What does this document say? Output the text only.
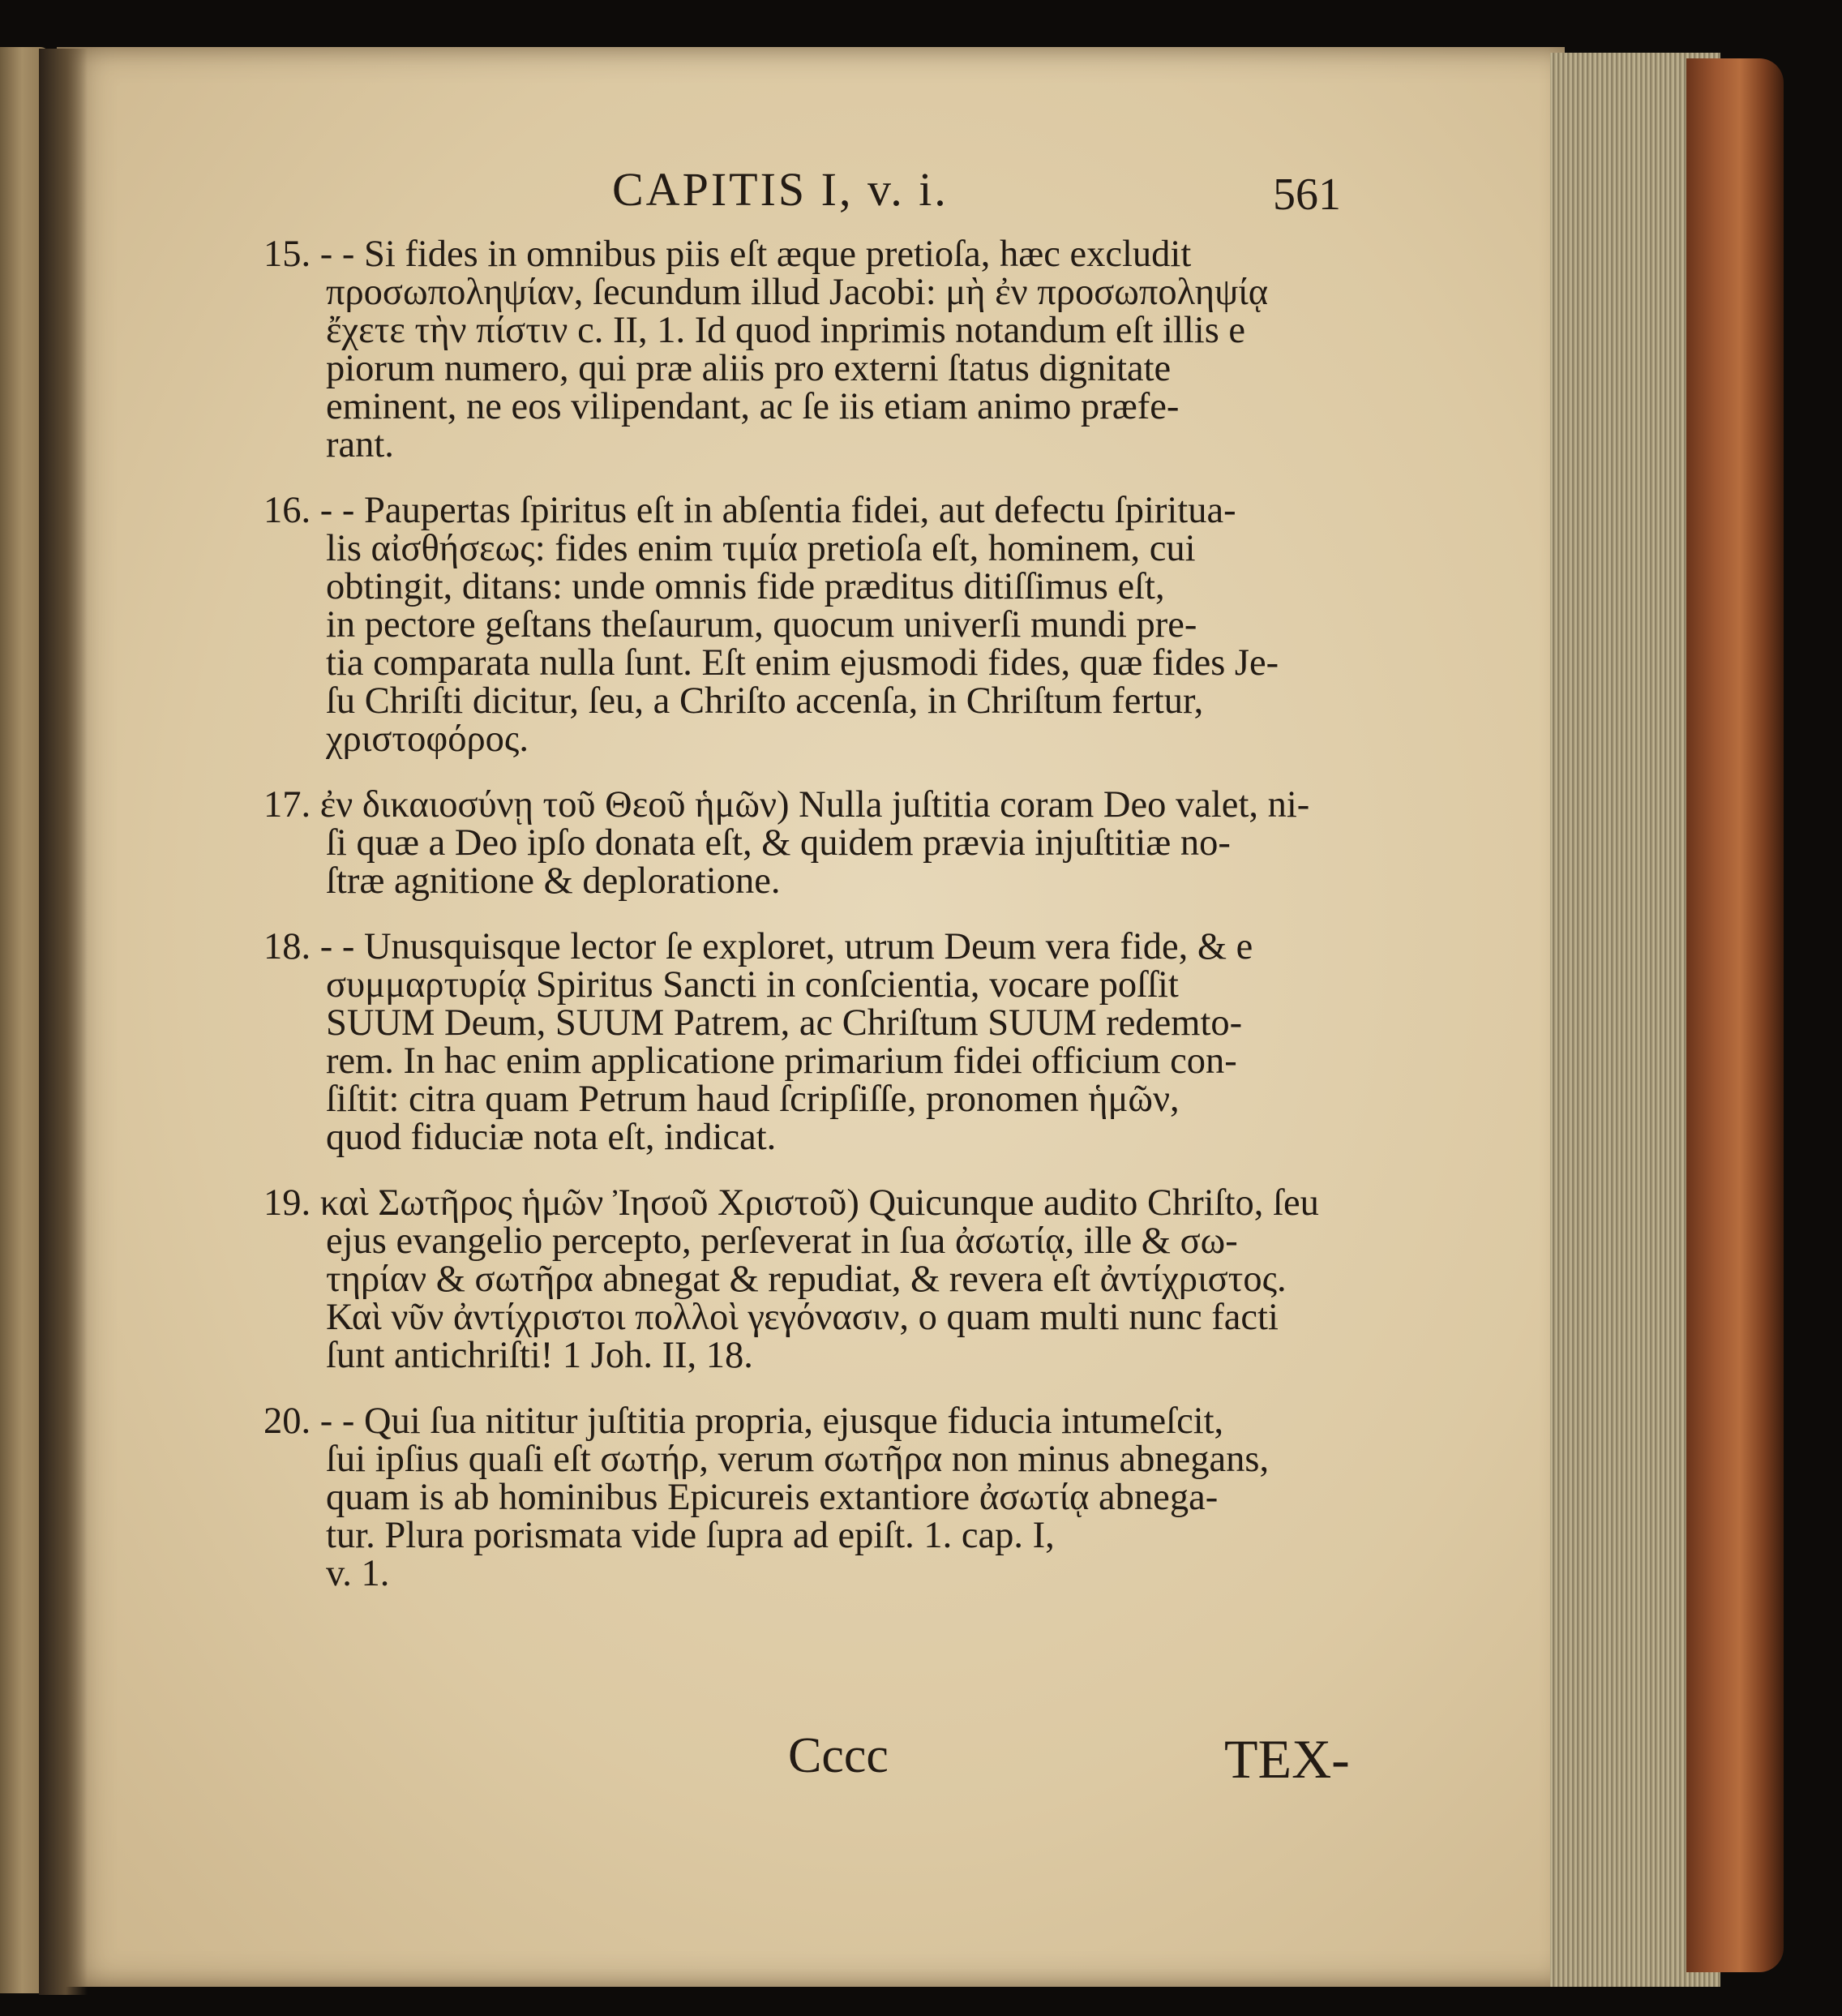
CAPITIS I, v. i.	561
15. - - Si fides in omnibus piis eſt æque pretioſa, hæc excludit
προσωποληψίαν, ſecundum illud Jacobi: μὴ ἐν προσωποληψίᾳ
ἔχετε τὴν πίστιν c. II, 1. Id quod inprimis notandum eſt illis e
piorum numero, qui præ aliis pro externi ſtatus dignitate
eminent, ne eos vilipendant, ac ſe iis etiam animo præfe-
rant.
16. - - Paupertas ſpiritus eſt in abſentia fidei, aut defectu ſpiritua-
lis αἰσθήσεως: fides enim τιμία pretioſa eſt, hominem, cui
obtingit, ditans: unde omnis fide præditus ditiſſimus eſt,
in pectore geſtans theſaurum, quocum univerſi mundi pre-
tia comparata nulla ſunt. Eſt enim ejusmodi fides, quæ fides Je-
ſu Chriſti dicitur, ſeu, a Chriſto accenſa, in Chriſtum fertur,
χριστοφόρος.
17. ἐν δικαιοσύνῃ τοῦ Θεοῦ ἡμῶν) Nulla juſtitia coram Deo valet, ni-
ſi quæ a Deo ipſo donata eſt, & quidem prævia injuſtitiæ no-
ſtræ agnitione & deploratione.
18. - - Unusquisque lector ſe exploret, utrum Deum vera fide, & e
συμμαρτυρίᾳ Spiritus Sancti in conſcientia, vocare poſſit
SUUM Deum, SUUM Patrem, ac Chriſtum SUUM redemto-
rem. In hac enim applicatione primarium fidei officium con-
ſiſtit: citra quam Petrum haud ſcripſiſſe, pronomen ἡμῶν,
quod fiduciæ nota eſt, indicat.
19. καὶ Σωτῆρος ἡμῶν Ἰησοῦ Χριστοῦ) Quicunque audito Chriſto, ſeu
ejus evangelio percepto, perſeverat in ſua ἀσωτίᾳ, ille & σω-
τηρίαν & σωτῆρα abnegat & repudiat, & revera eſt ἀντίχριστος.
Καὶ νῦν ἀντίχριστοι πολλοὶ γεγόνασιν, o quam multi nunc facti
ſunt antichriſti! 1 Joh. II, 18.
20. - - Qui ſua nititur juſtitia propria, ejusque fiducia intumeſcit,
ſui ipſius quaſi eſt σωτήρ, verum σωτῆρα non minus abnegans,
quam is ab hominibus Epicureis extantiore ἀσωτίᾳ abnega-
tur. Plura porismata vide ſupra ad epiſt. 1. cap. I,
v. 1.
Cccc	TEX-
